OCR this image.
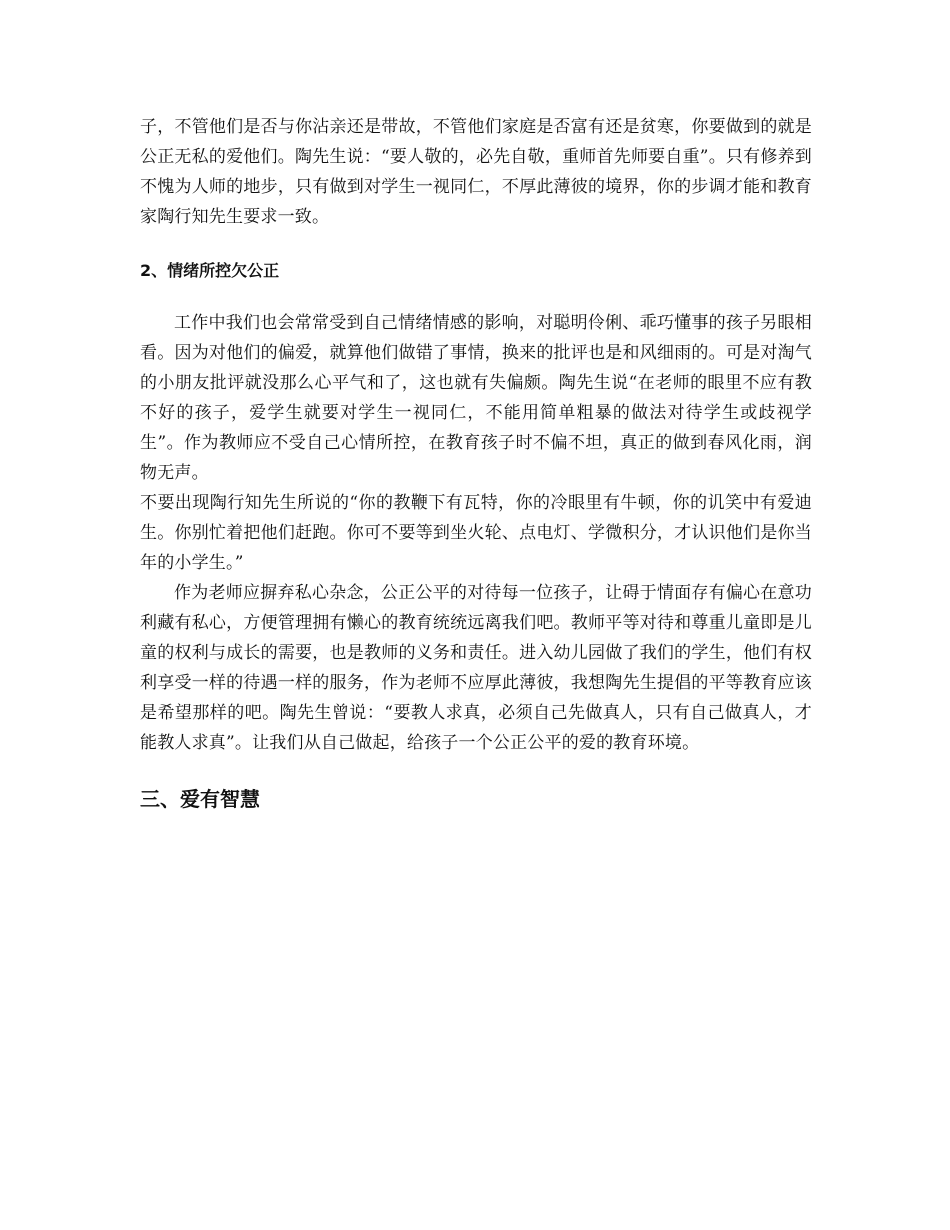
子，不管他们是否与你沾亲还是带故，不管他们家庭是否富有还是贫寒，你要做到的就是公正无私的爱他们。陶先生说：“要人敬的，必先自敬，重师首先师要自重”。只有修养到不愧为人师的地步，只有做到对学生一视同仁，不厚此薄彼的境界，你的步调才能和教育家陶行知先生要求一致。

2、情绪所控欠公正

工作中我们也会常常受到自己情绪情感的影响，对聪明伶俐、乖巧懂事的孩子另眼相看。因为对他们的偏爱，就算他们做错了事情，换来的批评也是和风细雨的。可是对淘气的小朋友批评就没那么心平气和了，这也就有失偏颇。陶先生说“在老师的眼里不应有教不好的孩子，爱学生就要对学生一视同仁，不能用简单粗暴的做法对待学生或歧视学生”。作为教师应不受自己心情所控，在教育孩子时不偏不坦，真正的做到春风化雨，润物无声。

不要出现陶行知先生所说的“你的教鞭下有瓦特，你的冷眼里有牛顿，你的讥笑中有爱迪生。你别忙着把他们赶跑。你可不要等到坐火轮、点电灯、学微积分，才认识他们是你当年的小学生。”

作为老师应摒弃私心杂念，公正公平的对待每一位孩子，让碍于情面存有偏心在意功利藏有私心，方便管理拥有懒心的教育统统远离我们吧。教师平等对待和尊重儿童即是儿童的权利与成长的需要，也是教师的义务和责任。进入幼儿园做了我们的学生，他们有权利享受一样的待遇一样的服务，作为老师不应厚此薄彼，我想陶先生提倡的平等教育应该是希望那样的吧。陶先生曾说：“要教人求真，必须自己先做真人，只有自己做真人，才能教人求真”。让我们从自己做起，给孩子一个公正公平的爱的教育环境。

三、爱有智慧
